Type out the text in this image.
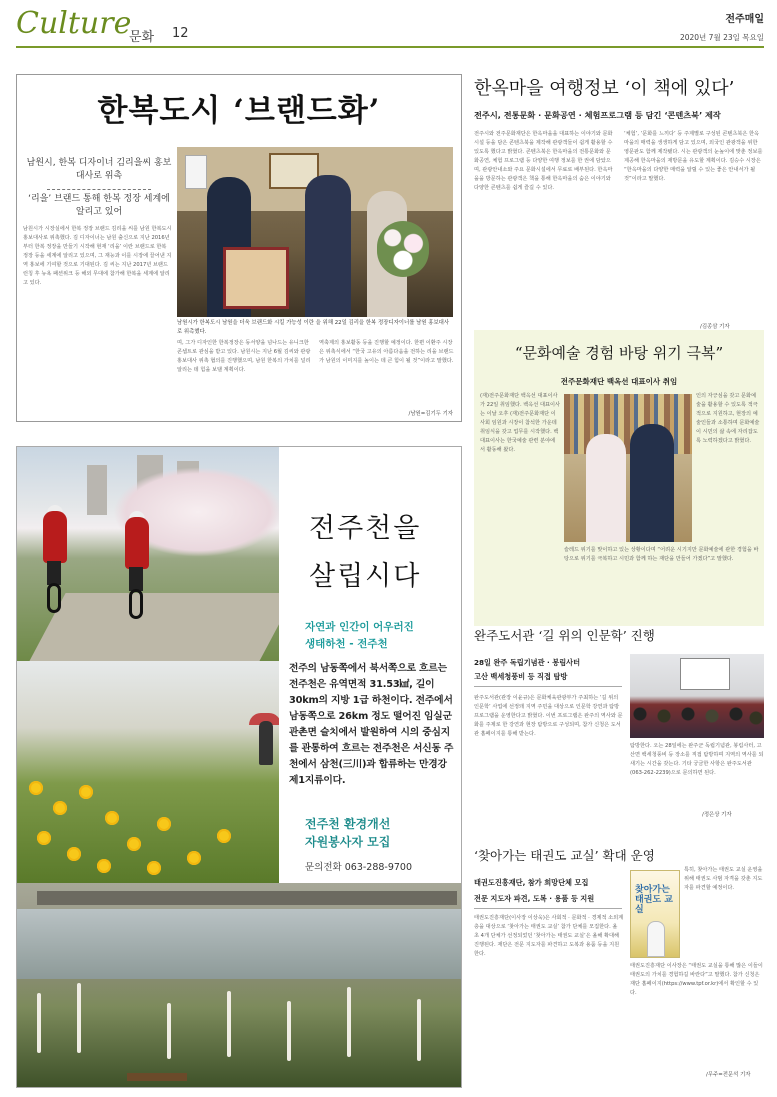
Culture
문화 12
전주매일
2020년 7월 23일 목요일
한복도시 ‘브랜드화’
남원시, 한복 디자이너 김리을씨 홍보대사로 위촉
‘리을’ 브랜드 통해 한복 정장 세계에 알리고 있어
남원시가 한복도시 남원을 더욱 브랜드화 시킬 가능성 이란 을 위해 22일 김리을 한복 정장디자이너를 남원 홍보대사로 위촉했다.
남원시가 시장실에서 한복 정장 브랜드 김리을 씨를 남원 한복도시 홍보대사로 위촉했다. 김 디자이너는 남원 출신으로 지난 2016년부터 한복 정장을 만들기 시작해 현재 ‘리을’ 이란 브랜드로 한복 정장 등을 세계에 알리고 있으며, 그 재능과 이를 시장에 끌어낸 지역 홍보에 기여할 것으로 기대된다. 김 씨는 지난 2017년 브랜드 런칭 후 뉴욕 패션위크 등 해외 무대에 참가해 한복을 세계에 알리고 있다.
며, 그가 디자인한 한복정장은 동서양을 넘나드는 유니크한 콘셉트로 관심을 받고 있다. 남원시는 지난 6월 김씨와 관광홍보대사 위촉 협의를 진행했으며, 남원 한복의 가치를 널리 알리는 데 힘을 보탤 계획이다.
역축제의 홍보활동 등을 진행할 예정이다. 한편 이환주 시장은 위촉식에서 “한국 고유의 아름다움을 전하는 리을 브랜드가 남원의 이미지를 높이는 데 큰 힘이 될 것”이라고 말했다.
/남원=김기두 기자
전주천을
살립시다
자연과 인간이 어우러진
생태하천 - 전주천
전주의 남동쪽에서 북서쪽으로 흐르는 전주천은 유역면적 31.53㎢, 길이 30km의 지방 1급 하천이다. 전주에서 남동쪽으로 26km 정도 떨어진 임실군 관촌면 슬치에서 발원하여 시의 중심지를 관통하여 흐르는 전주천은 서신동 주천에서 삼천(三川)과 합류하는 만경강 제1지류이다.
전주천 환경개선
자원봉사자 모집
문의전화 063-288-9700
한옥마을 여행정보 ‘이 책에 있다’
전주시, 전통문화 · 문화공연 · 체험프로그램 등 담긴 ‘콘텐츠북’ 제작
전주시와 전주문화재단은 한옥마을을 대표하는 이야기와 문화시설 등을 담은 콘텐츠북을 제작해 관광객들이 쉽게 활용할 수 있도록 했다고 밝혔다. 콘텐츠북은 한옥마을의 전통문화와 문화공연, 체험 프로그램 등 다양한 여행 정보를 한 권에 담았으며, 관광안내소와 주요 문화시설에서 무료로 배부된다. 한옥마을을 방문하는 관광객은 책을 통해 한옥마을의 숨은 이야기와 다양한 콘텐츠를 쉽게 즐길 수 있다.
‘체험’, ‘문화를 느끼다’ 등 주제별로 구성된 콘텐츠북은 한옥마을의 매력을 생생하게 담고 있으며, 외국인 관광객을 위한 영문판도 함께 제작됐다. 시는 관광객의 눈높이에 맞춘 정보를 제공해 한옥마을의 재방문을 유도할 계획이다. 김승수 시장은 “한옥마을의 다양한 매력을 알릴 수 있는 좋은 안내서가 될 것”이라고 말했다.
/김종삼 기자
“문화예술 경험 바탕 위기 극복”
전주문화재단 백옥선 대표이사 취임
(재)전주문화재단 백옥선 대표이사가 22일 취임했다. 백옥선 대표이사는 이날 오후 (재)전주문화재단 이사회 임원과 시장이 참석한 가운데 취임식을 갖고 업무를 시작했다. 백 대표이사는 한국예술 관련 분야에서 활동해 왔다.
인의 자긍심을 갖고 문화예술을 활용할 수 있도록 적극적으로 지원하고, 현장의 예술인들과 소통하며 문화예술이 시민의 삶 속에 자리잡도록 노력하겠다고 밝혔다.
슬레드 위기를 맞이하고 있는 상황이다며 “어려운 시기지만 문화예술에 관한 경험을 바탕으로 위기를 극복하고 시민과 함께 하는 재단을 만들어 가겠다”고 말했다.
완주도서관 ‘길 위의 인문학’ 진행
28일 완주 독립기념관 · 봉림사터
고산 백세청풍비 등 직접 탐방
완주도서관(관장 이윤규)은 문화체육관광부가 주최하는 ‘길 위의 인문학’ 사업에 선정돼 지역 주민을 대상으로 인문학 강연과 탐방 프로그램을 운영한다고 밝혔다. 이번 프로그램은 완주의 역사와 문화를 주제로 한 강연과 현장 탐방으로 구성되며, 참가 신청은 도서관 홈페이지를 통해 받는다.
탐방한다. 오는 28일에는 완주군 독립기념관, 봉림사터, 고산면 백세청풍비 등 장소를 직접 탐방하며 지역의 역사를 되새기는 시간을 갖는다. 기타 궁금한 사항은 완주도서관(063-262-2239)으로 문의하면 된다.
/정은상 기자
‘찾아가는 태권도 교실’ 확대 운영
태권도진흥재단, 참가 희망단체 모집
전문 지도자 파견, 도복 · 용품 등 지원
태권도진흥재단(이사장 이상욱)은 사회적 · 문화적 · 경제적 소외계층을 대상으로 ‘찾아가는 태권도 교실’ 참가 단체를 모집한다. 올 초 4개 단체가 선정되었던 ‘찾아가는 태권도 교실’은 올해 확대해 진행된다. 재단은 전문 지도자를 파견하고 도복과 용품 등을 지원한다.
찾아가는 태권도 교실
특히, 찾아가는 태권도 교실 운영을 위해 태권도 사범 자격을 갖춘 지도자를 파견할 예정이다.
태권도진흥재단 이사장은 “태권도 교실을 통해 많은 이들이 태권도의 가치를 경험하길 바란다”고 말했다. 참가 신청은 재단 홈페이지(https://www.tpf.or.kr)에서 확인할 수 있다.
/무주=전문석 기자
